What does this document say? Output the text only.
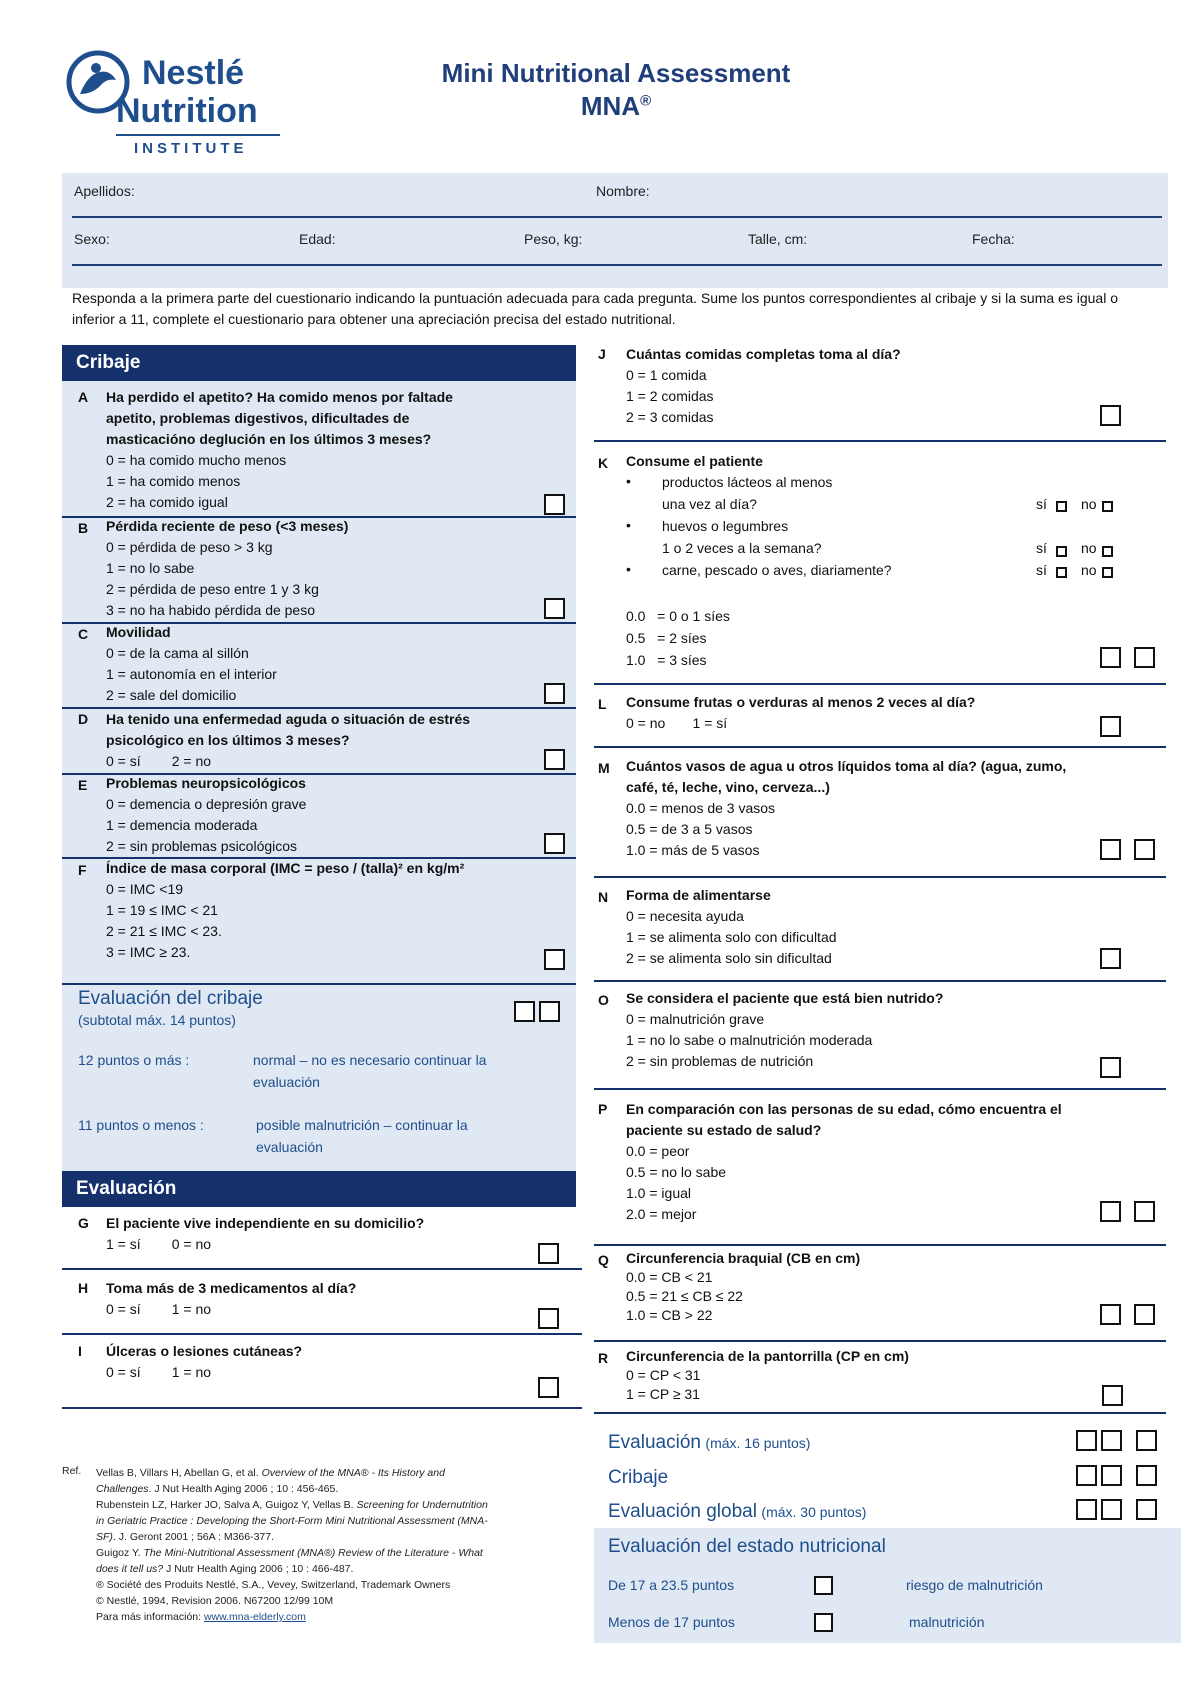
Nestlé
Nutrition
INSTITUTE
Mini Nutritional Assessment
MNA®
Apellidos:	Nombre:
Sexo:	Edad:	Peso, kg:	Talle, cm:	Fecha:
Responda a la primera parte del cuestionario indicando la puntuación adecuada para cada pregunta. Sume los puntos correspondientes al cribaje y si la suma es igual o inferior a 11, complete el cuestionario para obtener una apreciación precisa del estado nutritional.
Cribaje
A Ha perdido el apetito? Ha comido menos por faltade
apetito, problemas digestivos, dificultades de
masticacióno deglución en los últimos 3 meses?
0 = ha comido mucho menos
1 = ha comido menos
2 = ha comido igual
B Pérdida reciente de peso (<3 meses)
0 = pérdida de peso > 3 kg
1 = no lo sabe
2 = pérdida de peso entre 1 y 3 kg
3 = no ha habido pérdida de peso
C Movilidad
0 = de la cama al sillón
1 = autonomía en el interior
2 = sale del domicilio
D Ha tenido una enfermedad aguda o situación de estrés
psicológico en los últimos 3 meses?
0 = sí        2 = no
E Problemas neuropsicológicos
0 = demencia o depresión grave
1 = demencia moderada
2 = sin problemas psicológicos
F Índice de masa corporal (IMC = peso / (talla)² en kg/m²
0 = IMC <19
1 = 19 ≤ IMC < 21
2 = 21 ≤ IMC < 23.
3 = IMC ≥ 23.
Evaluación del cribaje
(subtotal máx. 14 puntos)
12 puntos o más :	normal – no es necesario continuar la
evaluación
11 puntos o menos :	posible malnutrición – continuar la
evaluación
Evaluación
G El paciente vive independiente en su domicilio?
1 = sí        0 = no
H Toma más de 3 medicamentos al día?
0 = sí        1 = no
I Úlceras o lesiones cutáneas?
0 = sí        1 = no
J Cuántas comidas completas toma al día?
0 = 1 comida
1 = 2 comidas
2 = 3 comidas
K Consume el patiente
• productos lácteos al menos
una vez al día?	sí no
• huevos o legumbres
1 o 2 veces a la semana?	sí no
• carne, pescado o aves, diariamente?	sí no
0.0   = 0 o 1 síes
0.5   = 2 síes
1.0   = 3 síes
L Consume frutas o verduras al menos 2 veces al día?
0 = no       1 = sí
M Cuántos vasos de agua u otros líquidos toma al día? (agua, zumo,
café, té, leche, vino, cerveza...)
0.0 = menos de 3 vasos
0.5 = de 3 a 5 vasos
1.0 = más de 5 vasos
N Forma de alimentarse
0 = necesita ayuda
1 = se alimenta solo con dificultad
2 = se alimenta solo sin dificultad
O Se considera el paciente que está bien nutrido?
0 = malnutrición grave
1 = no lo sabe o malnutrición moderada
2 = sin problemas de nutrición
P En comparación con las personas de su edad, cómo encuentra el
paciente su estado de salud?
0.0 = peor
0.5 = no lo sabe
1.0 = igual
2.0 = mejor
Q Circunferencia braquial (CB en cm)
0.0 = CB < 21
0.5 = 21 ≤ CB ≤ 22
1.0 = CB > 22
R Circunferencia de la pantorrilla (CP en cm)
0 = CP < 31
1 = CP ≥ 31
Evaluación (máx. 16 puntos)
Cribaje
Evaluación global (máx. 30 puntos)
Evaluación del estado nutricional
De 17 a 23.5 puntos	riesgo de malnutrición
Menos de 17 puntos	malnutrición
Ref. Vellas B, Villars H, Abellan G, et al. Overview of the MNA® - Its History and
Challenges. J Nut Health Aging 2006 ; 10 : 456-465.
Rubenstein LZ, Harker JO, Salva A, Guigoz Y, Vellas B. Screening for Undernutrition
in Geriatric Practice : Developing the Short-Form Mini Nutritional Assessment (MNA-
SF). J. Geront 2001 ; 56A : M366-377.
Guigoz Y. The Mini-Nutritional Assessment (MNA®) Review of the Literature - What
does it tell us? J Nutr Health Aging 2006 ; 10 : 466-487.
® Société des Produits Nestlé, S.A., Vevey, Switzerland, Trademark Owners
© Nestlé, 1994, Revision 2006. N67200 12/99 10M
Para más información: www.mna-elderly.com
